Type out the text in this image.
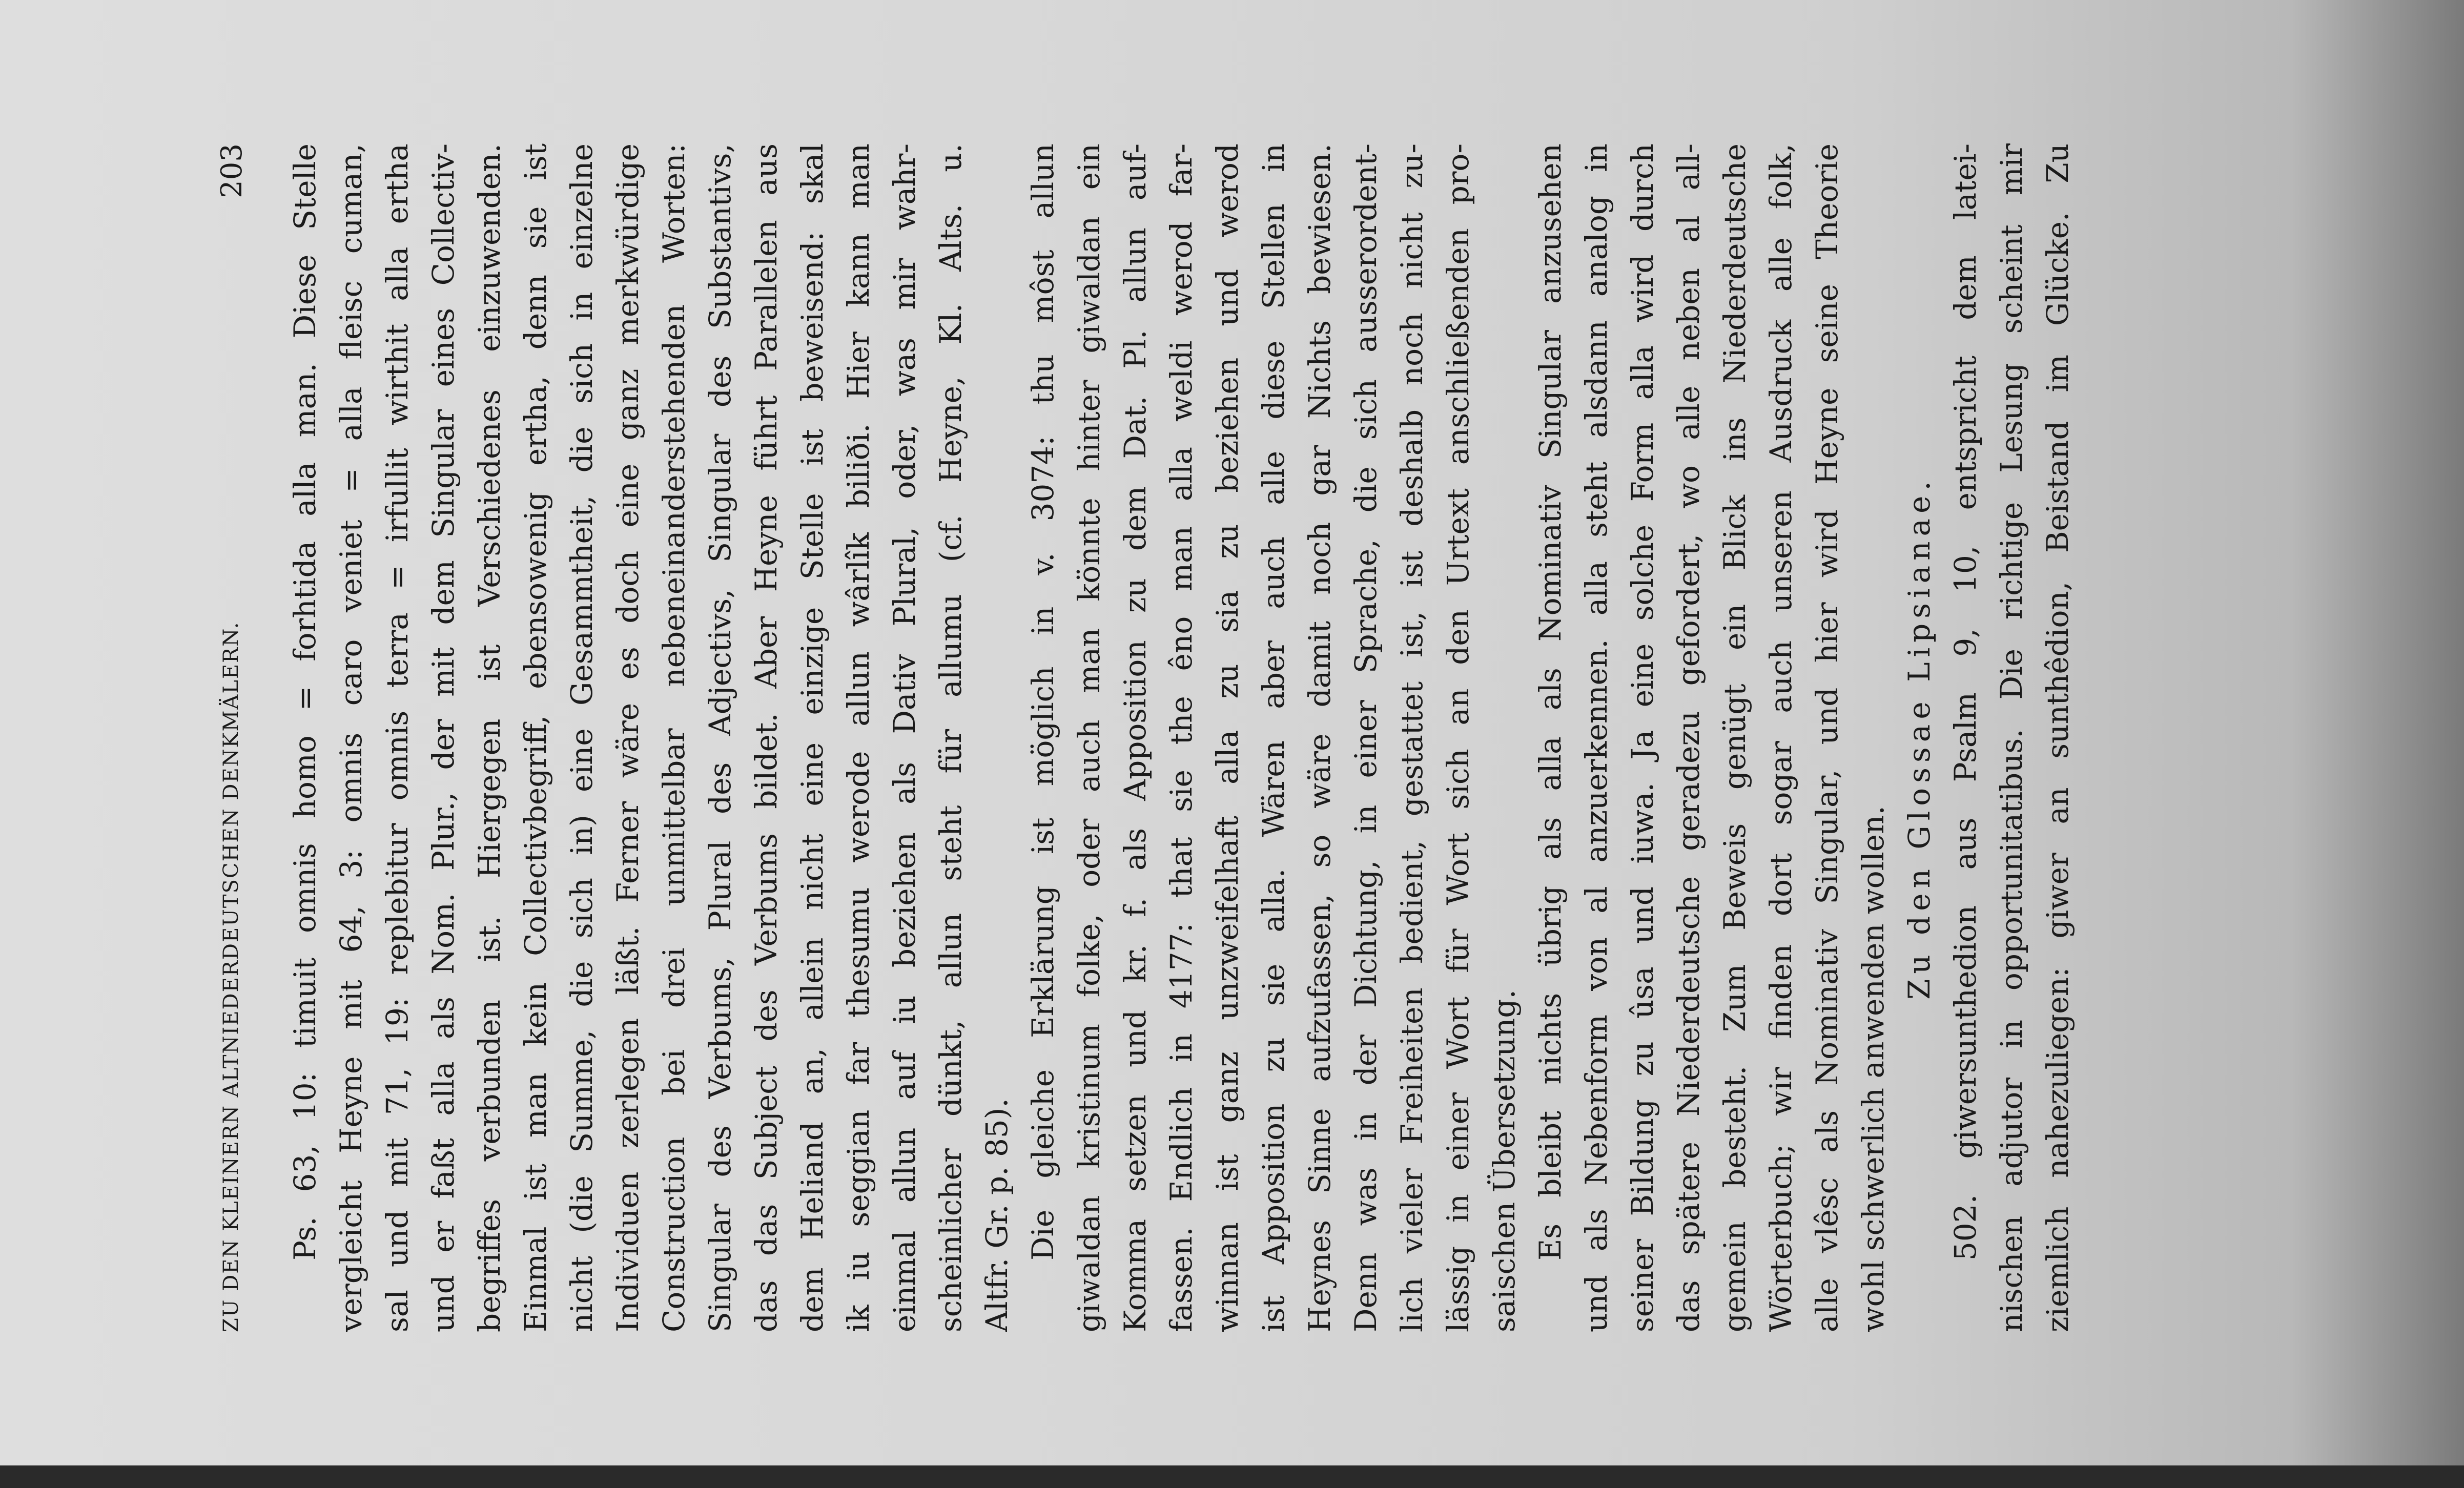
ZU DEN KLEINERN ALTNIEDERDEUTSCHEN DENKMÄLERN.
203 Ps. 63, 10: timuit omnis homo = forhtida alla man. Diese Stelle vergleicht Heyne mit 64, 3: omnis caro veniet = alla fleisc cuman, sal und mit 71, 19: replebitur omnis terra = irfullit wirthit alla ertha und er faßt alla als Nom. Plur., der mit dem Singular eines Collectiv- begriffes verbunden ist. Hiergegen ist Verschiedenes einzuwenden. Einmal ist man kein Collectivbegriff, ebensowenig ertha, denn sie ist nicht (die Summe, die sich in) eine Gesammtheit, die sich in einzelne Individuen zerlegen läßt. Ferner wäre es doch eine ganz merkwürdige Construction bei drei unmittelbar nebeneinanderstehenden Worten: Singular des Verbums, Plural des Adjectivs, Singular des Substantivs, das das Subject des Verbums bildet. Aber Heyne führt Parallelen aus dem Heliand an, allein nicht eine einzige Stelle ist beweisend: skal ik iu seggian far thesumu werode allun wârlîk biliði. Hier kann man einmal allun auf iu beziehen als Dativ Plural, oder, was mir wahr- scheinlicher dünkt, allun steht für allumu (cf. Heyne, Kl. Alts. u. Altfr. Gr. p. 85). Die gleiche Erklärung ist möglich in v. 3074: thu môst allun giwaldan kristinum folke, oder auch man könnte hinter giwaldan ein Komma setzen und kr. f. als Apposition zu dem Dat. Pl. allun auf- fassen. Endlich in 4177: that sie the êno man alla weldi werod far- winnan ist ganz unzweifelhaft alla zu sia zu beziehen und werod ist Apposition zu sie alla. Wären aber auch alle diese Stellen in Heynes Sinne aufzufassen, so wäre damit noch gar Nichts bewiesen. Denn was in der Dichtung, in einer Sprache, die sich ausserordent- lich vieler Freiheiten bedient, gestattet ist, ist deshalb noch nicht zu- lässig in einer Wort für Wort sich an den Urtext anschließenden pro- saischen Übersetzung. Es bleibt nichts übrig als alla als Nominativ Singular anzusehen und als Nebenform von al anzuerkennen. alla steht alsdann analog in seiner Bildung zu ûsa und iuwa. Ja eine solche Form alla wird durch das spätere Niederdeutsche geradezu gefordert, wo alle neben al all- gemein besteht. Zum Beweis genügt ein Blick ins Niederdeutsche Wörterbuch; wir finden dort sogar auch unseren Ausdruck alle folk, alle vlêsc als Nominativ Singular, und hier wird Heyne seine Theorie wohl schwerlich anwenden wollen.
Zu den Glossae Lipsianae. 502. giwersunthedion aus Psalm 9, 10, entspricht dem latei- nischen adjutor in opportunitatibus. Die richtige Lesung scheint mir ziemlich nahezuliegen: giwer an sunthêdion, Beistand im Glücke. Zu
